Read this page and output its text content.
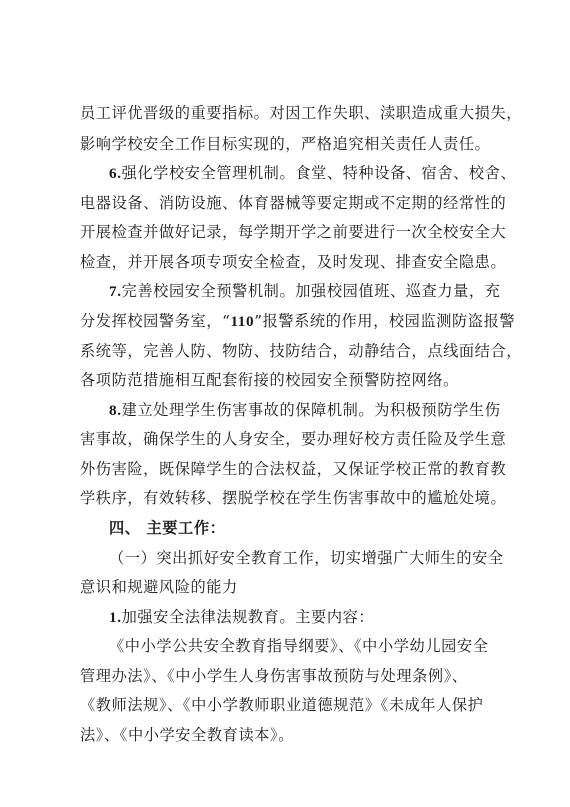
员工评优晋级的重要指标。对因工作失职、渎职造成重大损失，
影响学校安全工作目标实现的，严格追究相关责任人责任。
6.强化学校安全管理机制。食堂、特种设备、宿舍、校舍、
电器设备、消防设施、体育器械等要定期或不定期的经常性的
开展检查并做好记录，每学期开学之前要进行一次全校安全大
检查，并开展各项专项安全检查，及时发现、排查安全隐患。
7.完善校园安全预警机制。加强校园值班、巡查力量，充
分发挥校园警务室，“110”报警系统的作用，校园监测防盗报警
系统等，完善人防、物防、技防结合，动静结合，点线面结合，
各项防范措施相互配套衔接的校园安全预警防控网络。
8.建立处理学生伤害事故的保障机制。为积极预防学生伤
害事故，确保学生的人身安全，要办理好校方责任险及学生意
外伤害险，既保障学生的合法权益，又保证学校正常的教育教
学秩序，有效转移、摆脱学校在学生伤害事故中的尴尬处境。
四、 主要工作：
（一）突出抓好安全教育工作，切实增强广大师生的安全
意识和规避风险的能力
1.加强安全法律法规教育。主要内容：
《中小学公共安全教育指导纲要》、《中小学幼儿园安全
管理办法》、《中小学生人身伤害事故预防与处理条例》、
《教师法规》、《中小学教师职业道德规范》《未成年人保护
法》、《中小学安全教育读本》。
